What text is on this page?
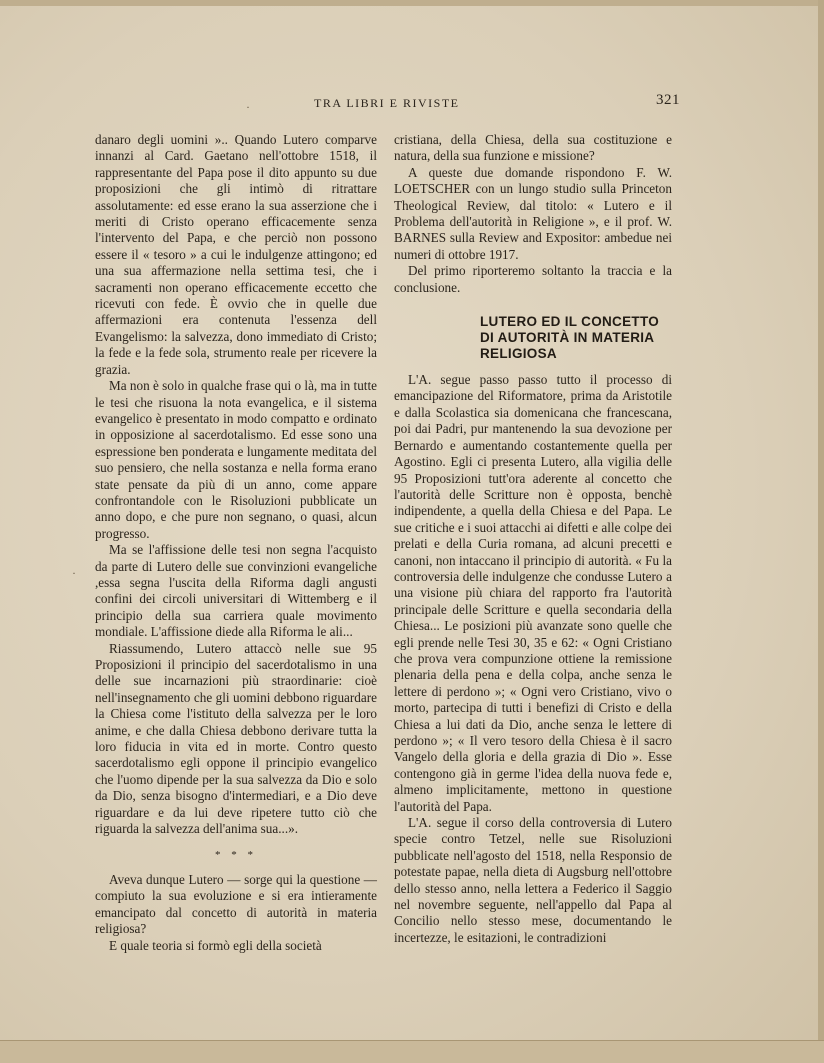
TRA LIBRI E RIVISTE	321
·
·

danaro degli uomini ».. Quando Lutero comparve innanzi al Card. Gaetano nell'ottobre 1518, il rappresentante del Papa pose il dito appunto su due proposizioni che gli intimò di ritrattare assolutamente: ed esse erano la sua asserzione che i meriti di Cristo operano efficacemente senza l'intervento del Papa, e che perciò non possono essere il « tesoro » a cui le indulgenze attingono; ed una sua affermazione nella settima tesi, che i sacramenti non operano efficacemente eccetto che ricevuti con fede. È ovvio che in quelle due affermazioni era contenuta l'essenza dell Evangelismo: la salvezza, dono immediato di Cristo; la fede e la fede sola, strumento reale per ricevere la grazia.

Ma non è solo in qualche frase qui o là, ma in tutte le tesi che risuona la nota evangelica, e il sistema evangelico è presentato in modo compatto e ordinato in opposizione al sacerdotalismo. Ed esse sono una espressione ben ponderata e lungamente meditata del suo pensiero, che nella sostanza e nella forma erano state pensate da più di un anno, come appare confrontandole con le Risoluzioni pubblicate un anno dopo, e che pure non segnano, o quasi, alcun progresso.

Ma se l'affissione delle tesi non segna l'acquisto da parte di Lutero delle sue convinzioni evangeliche ,essa segna l'uscita della Riforma dagli angusti confini dei circoli universitari di Wittemberg e il principio della sua carriera quale movimento mondiale. L'affissione diede alla Riforma le ali...

Riassumendo, Lutero attaccò nelle sue 95 Proposizioni il principio del sacerdotalismo in una delle sue incarnazioni più straordinarie: cioè nell'insegnamento che gli uomini debbono riguardare la Chiesa come l'istituto della salvezza per le loro anime, e che dalla Chiesa debbono derivare tutta la loro fiducia in vita ed in morte. Contro questo sacerdotalismo egli oppone il principio evangelico che l'uomo dipende per la sua salvezza da Dio e solo da Dio, senza bisogno d'intermediari, e a Dio deve riguardare e da lui deve ripetere tutto ciò che riguarda la salvezza dell'anima sua...».

* * *

Aveva dunque Lutero — sorge qui la questione — compiuto la sua evoluzione e si era intieramente emancipato dal concetto di autorità in materia religiosa?

E quale teoria si formò egli della società

cristiana, della Chiesa, della sua costituzione e natura, della sua funzione e missione?

A queste due domande rispondono F. W. LOETSCHER con un lungo studio sulla Princeton Theological Review, dal titolo: « Lutero e il Problema dell'autorità in Religione », e il prof. W. BARNES sulla Review and Expositor: ambedue nei numeri di ottobre 1917.

Del primo riporteremo soltanto la traccia e la conclusione.

LUTERO ED IL CONCETTO
DI AUTORITÀ IN MATERIA
RELIGIOSA

L'A. segue passo passo tutto il processo di emancipazione del Riformatore, prima da Aristotile e dalla Scolastica sia domenicana che francescana, poi dai Padri, pur mantenendo la sua devozione per Bernardo e aumentando costantemente quella per Agostino. Egli ci presenta Lutero, alla vigilia delle 95 Proposizioni tutt'ora aderente al concetto che l'autorità delle Scritture non è opposta, benchè indipendente, a quella della Chiesa e del Papa. Le sue critiche e i suoi attacchi ai difetti e alle colpe dei prelati e della Curia romana, ad alcuni precetti e canoni, non intaccano il principio di autorità. « Fu la controversia delle indulgenze che condusse Lutero a una visione più chiara del rapporto fra l'autorità principale delle Scritture e quella secondaria della Chiesa... Le posizioni più avanzate sono quelle che egli prende nelle Tesi 30, 35 e 62: « Ogni Cristiano che prova vera compunzione ottiene la remissione plenaria della pena e della colpa, anche senza le lettere di perdono »; « Ogni vero Cristiano, vivo o morto, partecipa di tutti i benefizi di Cristo e della Chiesa a lui dati da Dio, anche senza le lettere di perdono »; « Il vero tesoro della Chiesa è il sacro Vangelo della gloria e della grazia di Dio ». Esse contengono già in germe l'idea della nuova fede e, almeno implicitamente, mettono in questione l'autorità del Papa.

L'A. segue il corso della controversia di Lutero specie contro Tetzel, nelle sue Risoluzioni pubblicate nell'agosto del 1518, nella Responsio de potestate papae, nella dieta di Augsburg nell'ottobre dello stesso anno, nella lettera a Federico il Saggio nel novembre seguente, nell'appello dal Papa al Concilio nello stesso mese, documentando le incertezze, le esitazioni, le contradizioni
